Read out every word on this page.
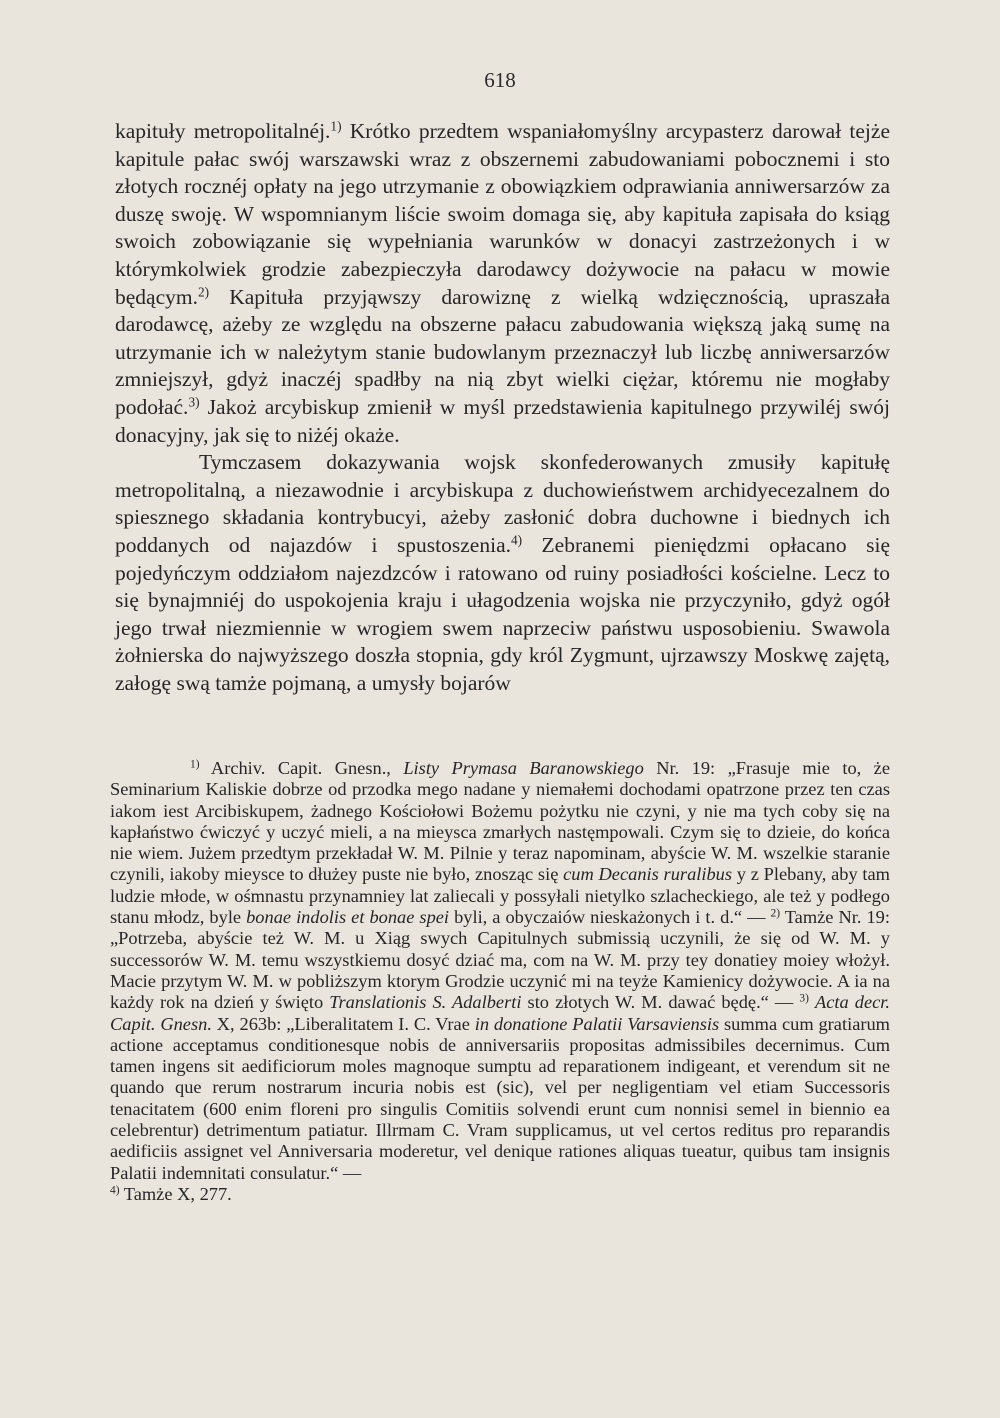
618

kapituły metropolitalnéj.$^{1)}$ Krótko przedtem wspaniałomyślny arcypasterz darował tejże kapitule pałac swój warszawski wraz z obszernemi zabudowaniami pobocznemi i sto złotych rocznéj opłaty na jego utrzymanie z obowiązkiem odprawiania anniwersarzów za duszę swoję. W wspomnianym liście swoim domaga się, aby kapituła zapisała do ksiąg swoich zobowiązanie się wypełniania warunków w donacyi zastrzeżonych i w którymkolwiek grodzie zabezpieczyła darodawcy dożywocie na pałacu w mowie będącym.$^{2)}$ Kapituła przyjąwszy darowiznę z wielką wdzięcznością, upraszała darodawcę, ażeby ze względu na obszerne pałacu zabudowania większą jaką sumę na utrzymanie ich w należytym stanie budowlanym przeznaczył lub liczbę anniwersarzów zmniejszył, gdyż inaczéj spadłby na nią zbyt wielki ciężar, któremu nie mogłaby podołać.$^{3)}$ Jakoż arcybiskup zmienił w myśl przedstawienia kapitulnego przywiléj swój donacyjny, jak się to niżéj okaże.

Tymczasem dokazywania wojsk skonfederowanych zmusiły kapitułę metropolitalną, a niezawodnie i arcybiskupa z duchowieństwem archidyecezalnem do spiesznego składania kontrybucyi, ażeby zasłonić dobra duchowne i biednych ich poddanych od najazdów i spustoszenia.$^{4)}$ Zebranemi pieniędzmi opłacano się pojedyńczym oddziałom najezdzców i ratowano od ruiny posiadłości kościelne. Lecz to się bynajmniéj do uspokojenia kraju i ułagodzenia wojska nie przyczyniło, gdyż ogół jego trwał niezmiennie w wrogiem swem naprzeciw państwu usposobieniu. Swawola żołnierska do najwyższego doszła stopnia, gdy król Zygmunt, ujrzawszy Moskwę zajętą, załogę swą tamże pojmaną, a umysły bojarów

$^{1)}$ Archiv. Capit. Gnesn., Listy Prymasa Baranowskiego Nr. 19: „Frasuje mie to, że Seminarium Kaliskie dobrze od przodka mego nadane y niemałemi dochodami opatrzone przez ten czas iakom iest Arcibiskupem, żadnego Kościołowi Bożemu pożytku nie czyni, y nie ma tych coby się na kapłaństwo ćwiczyć y uczyć mieli, a na mieysca zmarłych nastęmpowali. Czym się to dzieie, do końca nie wiem. Jużem przedtym przekładał W. M. Pilnie y teraz napominam, abyście W. M. wszelkie staranie czynili, iakoby mieysce to dłużey puste nie było, znosząc się cum Decanis ruralibus y z Plebany, aby tam ludzie młode, w ośmnastu przynamniey lat zaliecali y possyłali nietylko szlacheckiego, ale też y podłego stanu młodz, byle bonae indolis et bonae spei byli, a obyczaiów nieskażonych i t. d.“ — $^{2)}$ Tamże Nr. 19: „Potrzeba, abyście też W. M. u Xiąg swych Capitulnych submissią uczynili, że się od W. M. y successorów W. M. temu wszystkiemu dosyć dziać ma, com na W. M. przy tey donatiey moiey włożył. Macie przytym W. M. w pobliższym ktorym Grodzie uczynić mi na teyże Kamienicy dożywocie. A ia na każdy rok na dzień y święto Translationis S. Adalberti sto złotych W. M. dawać będę.“ — $^{3)}$ Acta decr. Capit. Gnesn. X, 263b: „Liberalitatem I. C. Vrae in donatione Palatii Varsaviensis summa cum gratiarum actione acceptamus conditionesque nobis de anniversariis propositas admissibiles decernimus. Cum tamen ingens sit aedificiorum moles magnoque sumptu ad reparationem indigeant, et verendum sit ne quando que rerum nostrarum incuria nobis est (sic), vel per negligentiam vel etiam Successoris tenacitatem (600 enim floreni pro singulis Comitiis solvendi erunt cum nonnisi semel in biennio ea celebrentur) detrimentum patiatur. Illrmam C. Vram supplicamus, ut vel certos reditus pro reparandis aedificiis assignet vel Anniversaria moderetur, vel denique rationes aliquas tueatur, quibus tam insignis Palatii indemnitati consulatur.“ —

$^{4)}$ Tamże X, 277.
